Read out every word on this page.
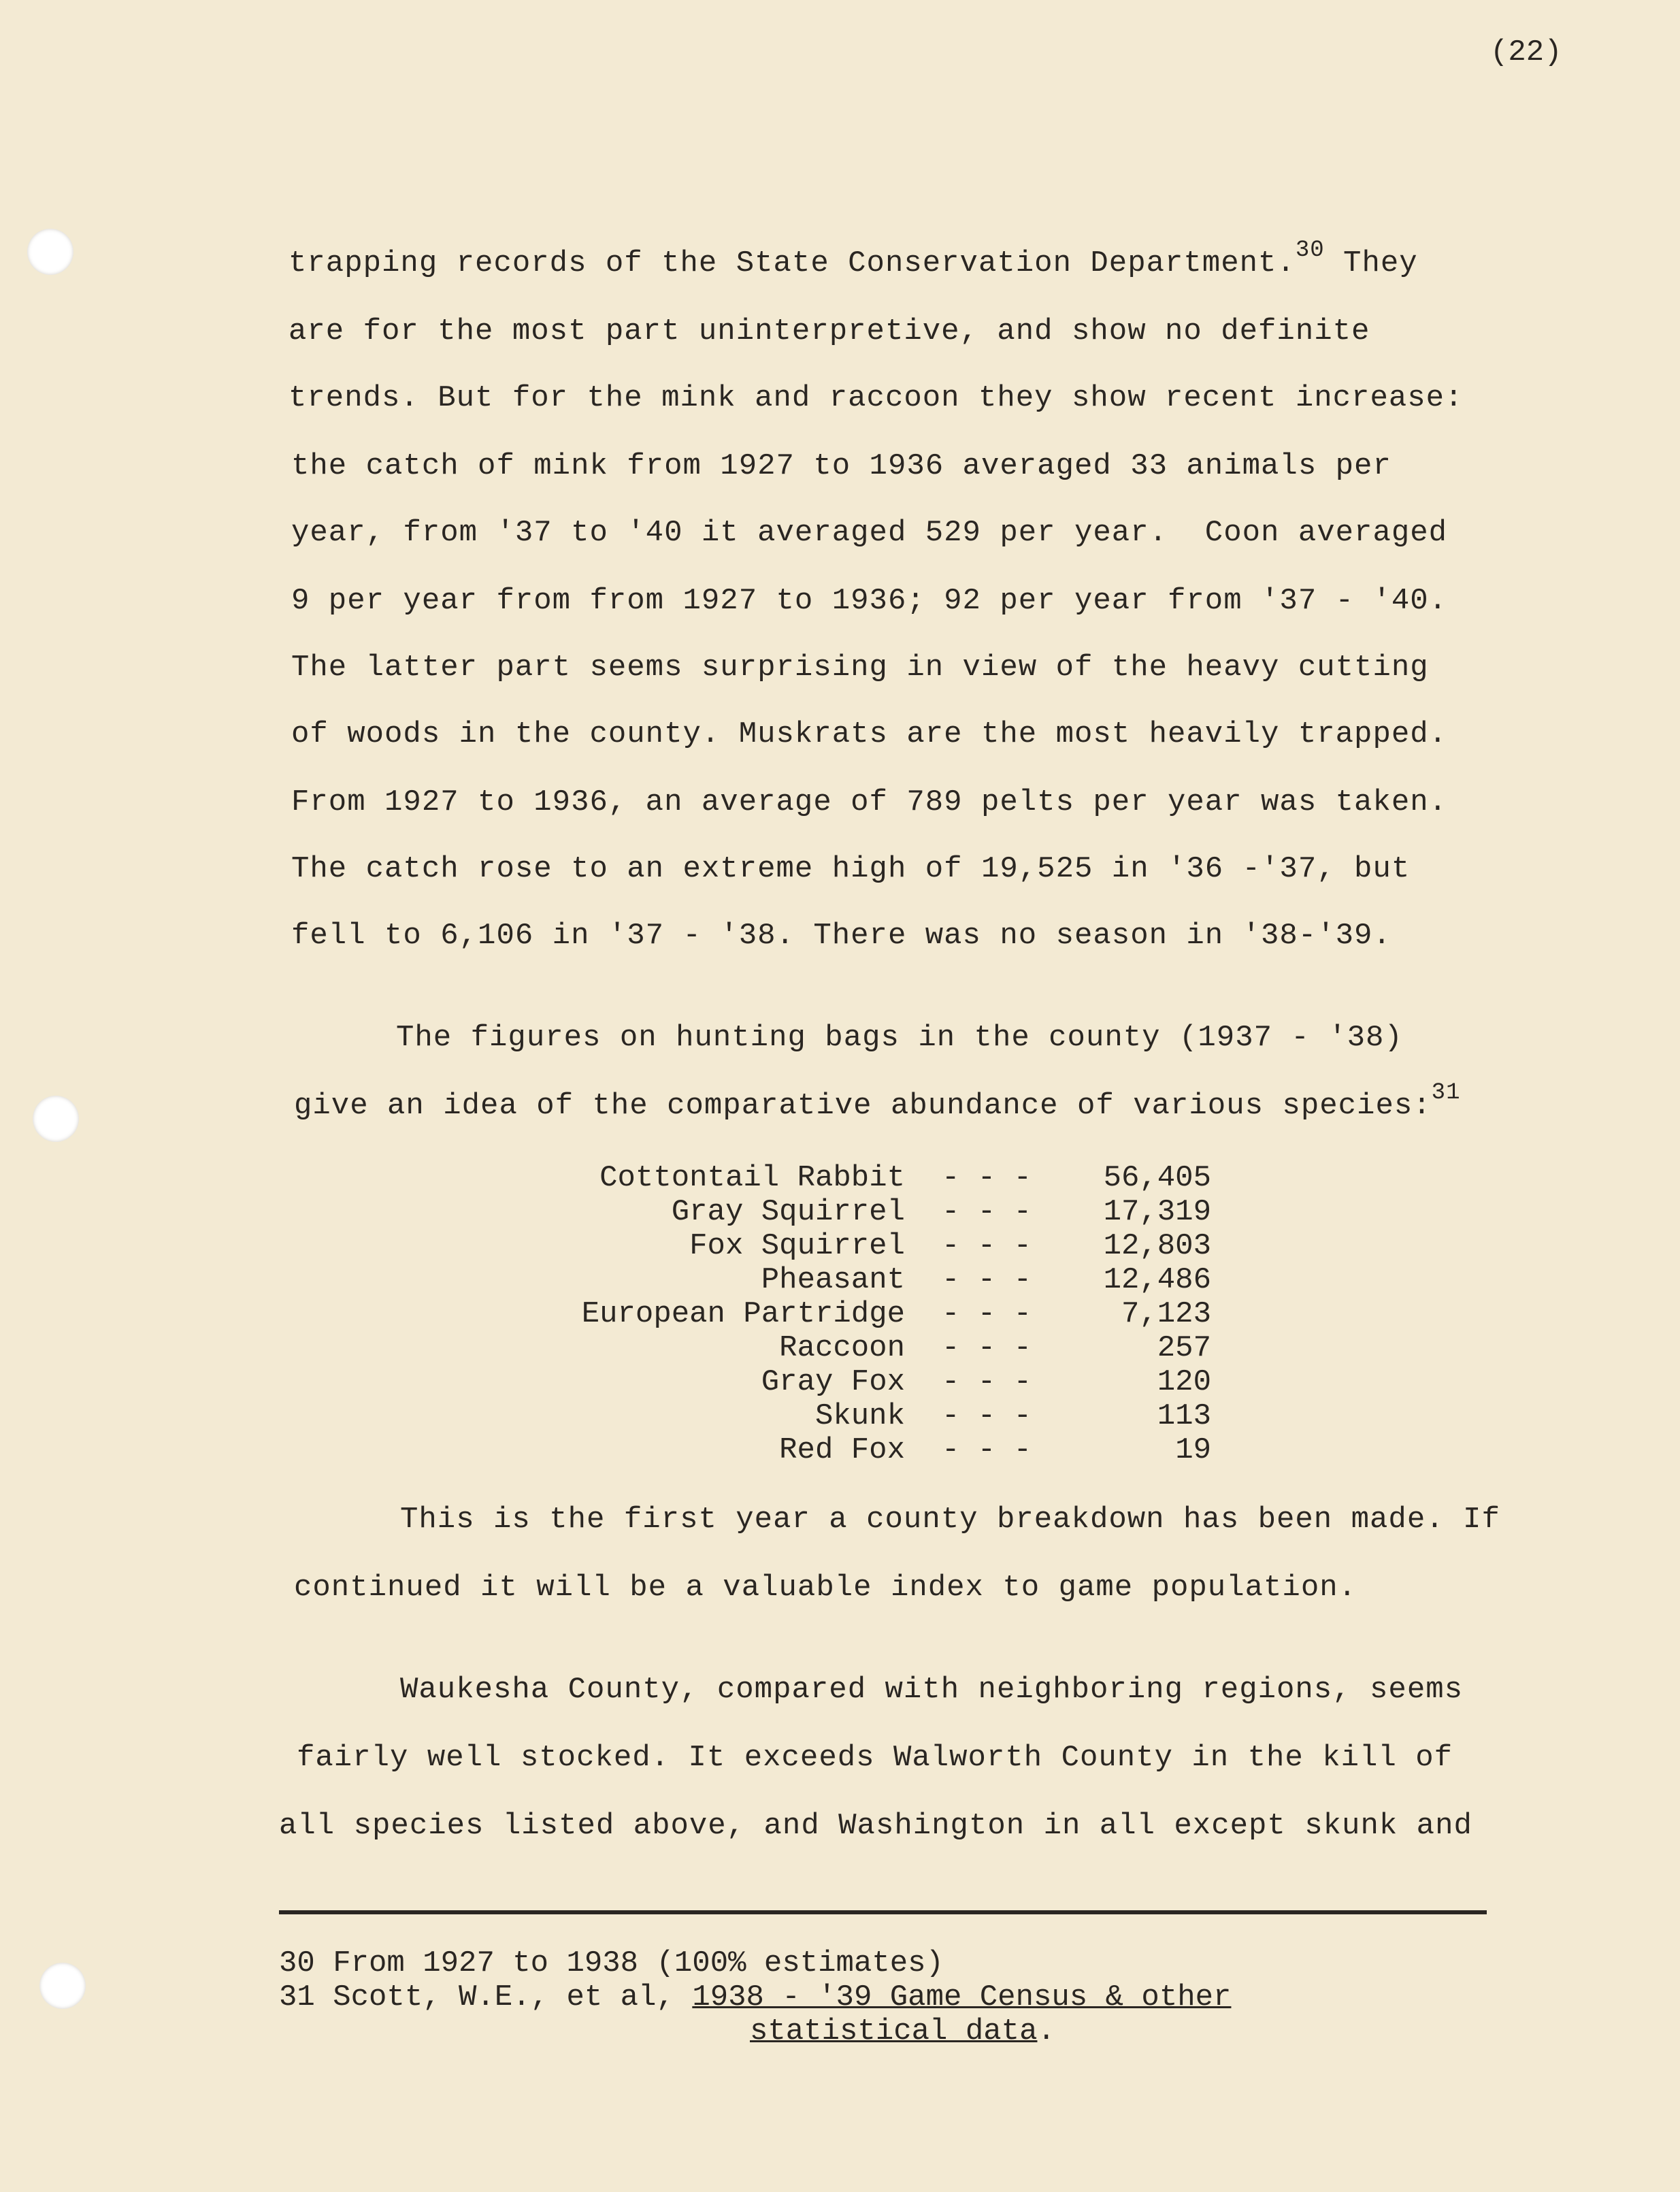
(22)
trapping records of the State Conservation Department.$^{30}$ They
are for the most part uninterpretive, and show no definite
trends. But for the mink and raccoon they show recent increase:
the catch of mink from 1927 to 1936 averaged 33 animals per
year, from '37 to '40 it averaged 529 per year.  Coon averaged
9 per year from from 1927 to 1936; 92 per year from '37 - '40.
The latter part seems surprising in view of the heavy cutting
of woods in the county. Muskrats are the most heavily trapped.
From 1927 to 1936, an average of 789 pelts per year was taken.
The catch rose to an extreme high of 19,525 in '36 -'37, but
fell to 6,106 in '37 - '38. There was no season in '38-'39.
The figures on hunting bags in the county (1937 - '38)
give an idea of the comparative abundance of various species:$^{31}$
Cottontail Rabbit	- - -	56,405
Gray Squirrel	- - -	17,319
Fox Squirrel	- - -	12,803
Pheasant	- - -	12,486
European Partridge	- - -	7,123
Raccoon	- - -	257
Gray Fox	- - -	120
Skunk	- - -	113
Red Fox	- - -	19
This is the first year a county breakdown has been made. If
continued it will be a valuable index to game population.
Waukesha County, compared with neighboring regions, seems
fairly well stocked. It exceeds Walworth County in the kill of
all species listed above, and Washington in all except skunk and
30 From 1927 to 1938 (100% estimates)
31 Scott, W.E., et al, 1938 - '39 Game Census & other
statistical data.
